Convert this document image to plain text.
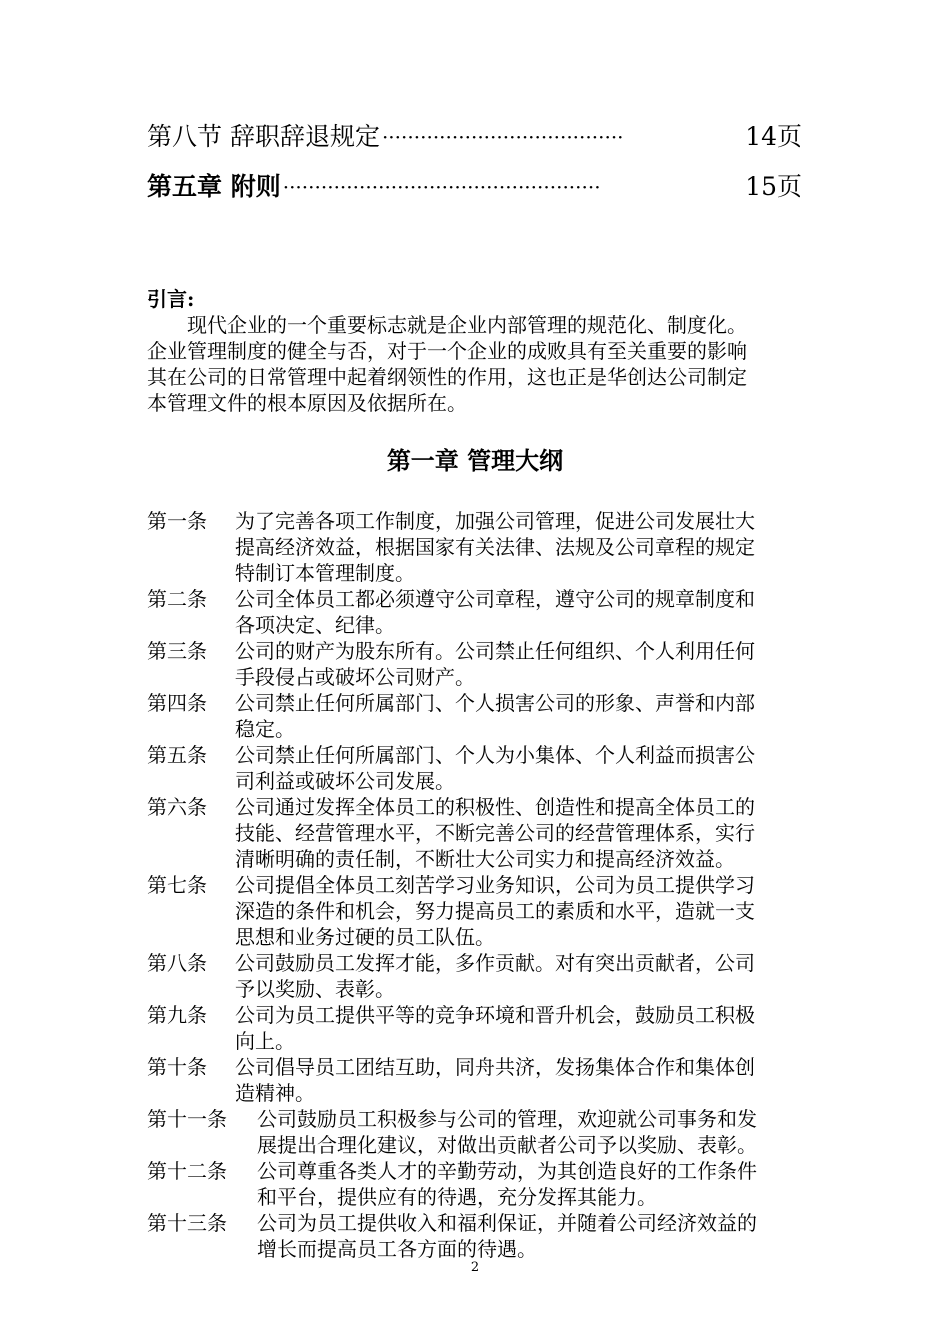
第八节 辞职辞退规定 ······································	14页
第五章 附则 ··················································	15页
引言:
现代企业的一个重要标志就是企业内部管理的规范化、制度化。
企业管理制度的健全与否，对于一个企业的成败具有至关重要的影响
其在公司的日常管理中起着纲领性的作用，这也正是华创达公司制定
本管理文件的根本原因及依据所在。
第一章 管理大纲
第一条	为了完善各项工作制度，加强公司管理，促进公司发展壮大
提高经济效益，根据国家有关法律、法规及公司章程的规定
特制订本管理制度。
第二条	公司全体员工都必须遵守公司章程，遵守公司的规章制度和
各项决定、纪律。
第三条	公司的财产为股东所有。公司禁止任何组织、个人利用任何
手段侵占或破坏公司财产。
第四条	公司禁止任何所属部门、个人损害公司的形象、声誉和内部
稳定。
第五条	公司禁止任何所属部门、个人为小集体、个人利益而损害公
司利益或破坏公司发展。
第六条	公司通过发挥全体员工的积极性、创造性和提高全体员工的
技能、经营管理水平，不断完善公司的经营管理体系，实行
清晰明确的责任制，不断壮大公司实力和提高经济效益。
第七条	公司提倡全体员工刻苦学习业务知识，公司为员工提供学习
深造的条件和机会，努力提高员工的素质和水平，造就一支
思想和业务过硬的员工队伍。
第八条	公司鼓励员工发挥才能，多作贡献。对有突出贡献者，公司
予以奖励、表彰。
第九条	公司为员工提供平等的竞争环境和晋升机会，鼓励员工积极
向上。
第十条	公司倡导员工团结互助，同舟共济，发扬集体合作和集体创
造精神。
第十一条	公司鼓励员工积极参与公司的管理，欢迎就公司事务和发
展提出合理化建议，对做出贡献者公司予以奖励、表彰。
第十二条	公司尊重各类人才的辛勤劳动，为其创造良好的工作条件
和平台，提供应有的待遇，充分发挥其能力。
第十三条	公司为员工提供收入和福利保证，并随着公司经济效益的
增长而提高员工各方面的待遇。
2
